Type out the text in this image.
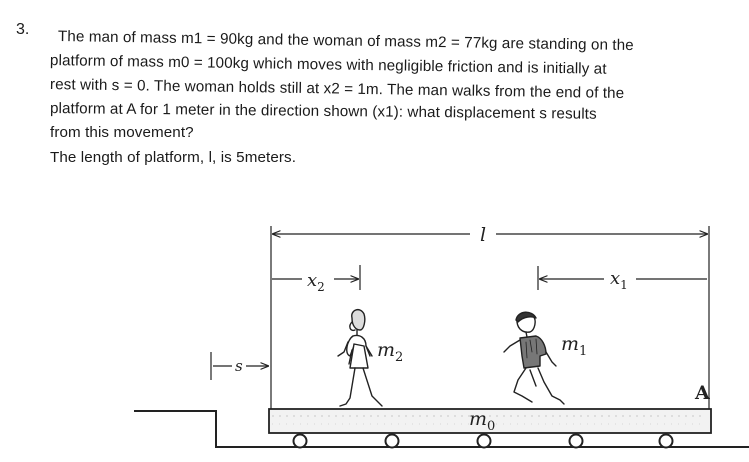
3. The man of mass m1 = 90kg and the woman of mass m2 = 77kg are standing on the
platform of mass m0 = 100kg which moves with negligible friction and is initially at
rest with s = 0. The woman holds still at x2 = 1m. The man walks from the end of the
platform at A for 1 meter in the direction shown (x1): what displacement s results
from this movement?
The length of platform, l, is 5meters.
l
$x_2$	$x_1$
s
$m_2$
$m_1$
$m_0$
A
